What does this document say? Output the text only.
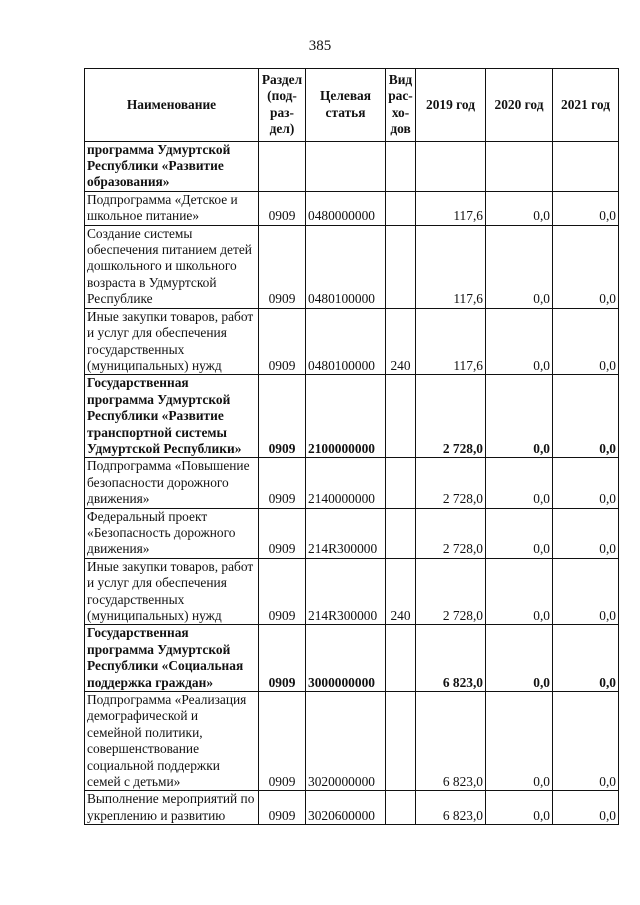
385
Наименование	Раздел (под-раз-дел)	Целевая статья	Вид рас-хо-дов	2019 год	2020 год	2021 год
программа Удмуртской Республики «Развитие образования»						
Подпрограмма «Детское и школьное питание»	0909	0480000000		117,6	0,0	0,0
Создание системы обеспечения питанием детей дошкольного и школьного возраста в Удмуртской Республике	0909	0480100000		117,6	0,0	0,0
Иные закупки товаров, работ и услуг для обеспечения государственных (муниципальных) нужд	0909	0480100000	240	117,6	0,0	0,0
Государственная программа Удмуртской Республики «Развитие транспортной системы Удмуртской Республики»	0909	2100000000		2 728,0	0,0	0,0
Подпрограмма «Повышение безопасности дорожного движения»	0909	2140000000		2 728,0	0,0	0,0
Федеральный проект «Безопасность дорожного движения»	0909	214R300000		2 728,0	0,0	0,0
Иные закупки товаров, работ и услуг для обеспечения государственных (муниципальных) нужд	0909	214R300000	240	2 728,0	0,0	0,0
Государственная программа Удмуртской Республики «Социальная поддержка граждан»	0909	3000000000		6 823,0	0,0	0,0
Подпрограмма «Реализация демографической и семейной политики, совершенствование социальной поддержки семей с детьми»	0909	3020000000		6 823,0	0,0	0,0
Выполнение мероприятий по укреплению и развитию	0909	3020600000		6 823,0	0,0	0,0
